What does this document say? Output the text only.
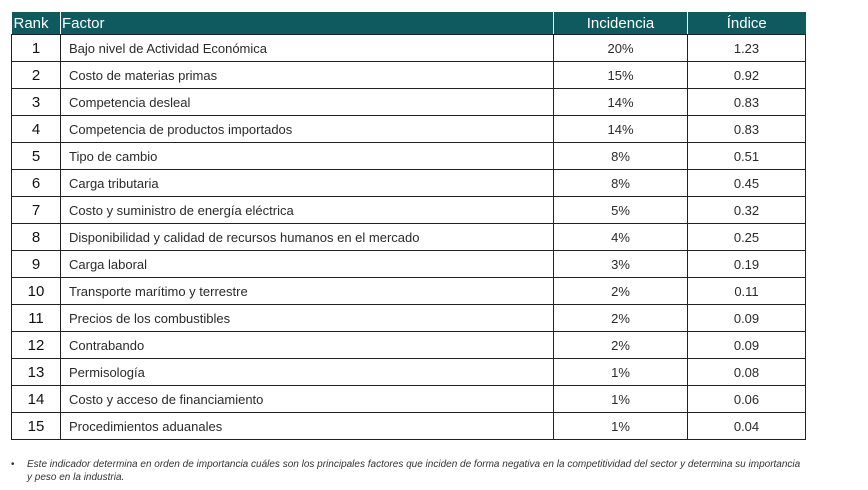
Rank	Factor	Incidencia	Índice
1	Bajo nivel de Actividad Económica	20%	1.23
2	Costo de materias primas	15%	0.92
3	Competencia desleal	14%	0.83
4	Competencia de productos importados	14%	0.83
5	Tipo de cambio	8%	0.51
6	Carga tributaria	8%	0.45
7	Costo y suministro de energía eléctrica	5%	0.32
8	Disponibilidad y calidad de recursos humanos en el mercado	4%	0.25
9	Carga laboral	3%	0.19
10	Transporte marítimo y terrestre	2%	0.11
11	Precios de los combustibles	2%	0.09
12	Contrabando	2%	0.09
13	Permisología	1%	0.08
14	Costo y acceso de financiamiento	1%	0.06
15	Procedimientos aduanales	1%	0.04
•	Este indicador determina en orden de importancia cuáles son los principales factores que inciden de forma negativa en la competitividad del sector y determina su importancia y peso en la industria.
